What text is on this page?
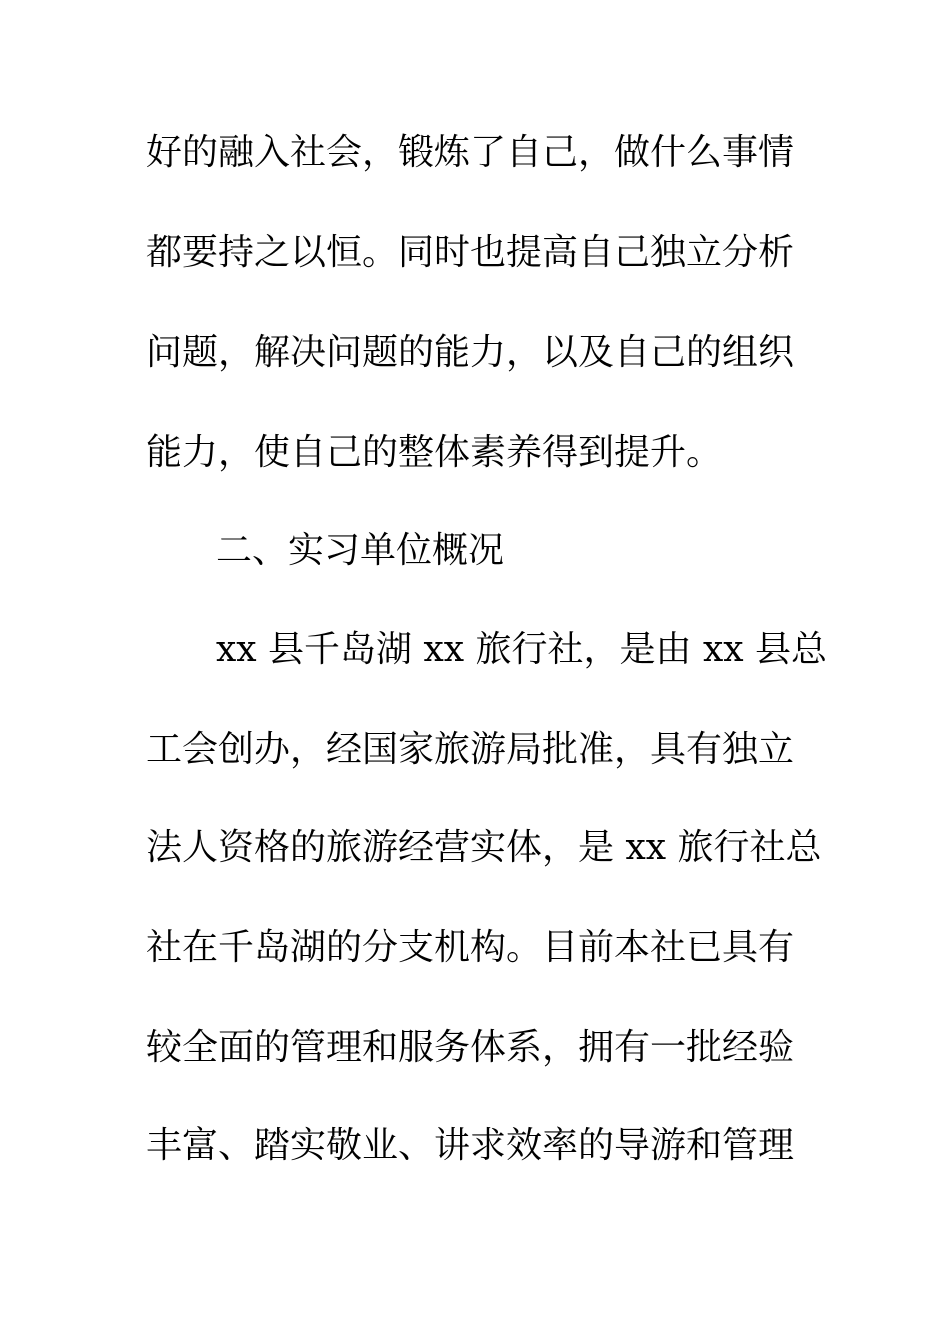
好的融入社会，锻炼了自己，做什么事情

都要持之以恒。同时也提高自己独立分析

问题，解决问题的能力，以及自己的组织

能力，使自己的整体素养得到提升。

二、实习单位概况

xx 县千岛湖 xx 旅行社，是由 xx 县总

工会创办，经国家旅游局批准，具有独立

法人资格的旅游经营实体，是 xx 旅行社总

社在千岛湖的分支机构。目前本社已具有

较全面的管理和服务体系，拥有一批经验

丰富、踏实敬业、讲求效率的导游和管理
